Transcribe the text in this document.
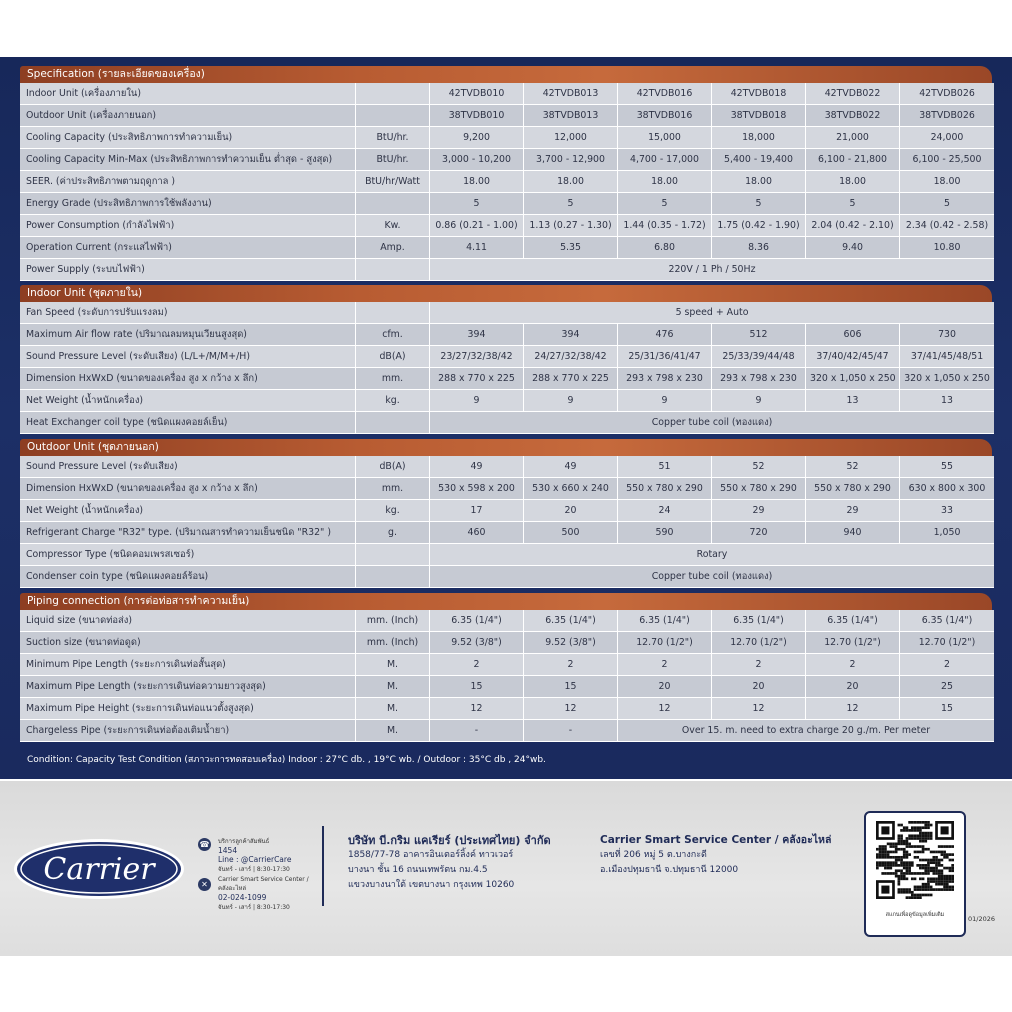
Specification (รายละเอียดของเครื่อง)
Indoor Unit (เครื่องภายใน)		42TVDB010	42TVDB013	42TVDB016	42TVDB018	42TVDB022	42TVDB026
Outdoor Unit (เครื่องภายนอก)		38TVDB010	38TVDB013	38TVDB016	38TVDB018	38TVDB022	38TVDB026
Cooling Capacity (ประสิทธิภาพการทำความเย็น)	BtU/hr.	9,200	12,000	15,000	18,000	21,000	24,000
Cooling Capacity Min-Max (ประสิทธิภาพการทำความเย็น ต่ำสุด - สูงสุด)	BtU/hr.	3,000 - 10,200	3,700 - 12,900	4,700 - 17,000	5,400 - 19,400	6,100 - 21,800	6,100 - 25,500
SEER. (ค่าประสิทธิภาพตามฤดูกาล )	BtU/hr/Watt	18.00	18.00	18.00	18.00	18.00	18.00
Energy Grade (ประสิทธิภาพการใช้พลังงาน)		5	5	5	5	5	5
Power Consumption (กำลังไฟฟ้า)	Kw.	0.86 (0.21 - 1.00)	1.13 (0.27 - 1.30)	1.44 (0.35 - 1.72)	1.75 (0.42 - 1.90)	2.04 (0.42 - 2.10)	2.34 (0.42 - 2.58)
Operation Current (กระแสไฟฟ้า)	Amp.	4.11	5.35	6.80	8.36	9.40	10.80
Power Supply (ระบบไฟฟ้า)		220V / 1 Ph / 50Hz					
Indoor Unit (ชุดภายใน)
Fan Speed (ระดับการปรับแรงลม)		5 speed + Auto					
Maximum Air flow rate (ปริมาณลมหมุนเวียนสูงสุด)	cfm.	394	394	476	512	606	730
Sound Pressure Level (ระดับเสียง) (L/L+/M/M+/H)	dB(A)	23/27/32/38/42	24/27/32/38/42	25/31/36/41/47	25/33/39/44/48	37/40/42/45/47	37/41/45/48/51
Dimension HxWxD (ขนาดของเครื่อง สูง x กว้าง x ลึก)	mm.	288 x 770 x 225	288 x 770 x 225	293 x 798 x 230	293 x 798 x 230	320 x 1,050 x 250	320 x 1,050 x 250
Net Weight (น้ำหนักเครื่อง)	kg.	9	9	9	9	13	13
Heat Exchanger coil type (ชนิดแผงคอยล์เย็น)		Copper tube coil (ทองแดง)					
Outdoor Unit (ชุดภายนอก)
Sound Pressure Level (ระดับเสียง)	dB(A)	49	49	51	52	52	55
Dimension HxWxD (ขนาดของเครื่อง สูง x กว้าง x ลึก)	mm.	530 x 598 x 200	530 x 660 x 240	550 x 780 x 290	550 x 780 x 290	550 x 780 x 290	630 x 800 x 300
Net Weight (น้ำหนักเครื่อง)	kg.	17	20	24	29	29	33
Refrigerant Charge "R32" type. (ปริมาณสารทำความเย็นชนิด "R32" )	g.	460	500	590	720	940	1,050
Compressor Type (ชนิดคอมเพรสเซอร์)		Rotary					
Condenser coin type (ชนิดแผงคอยล์ร้อน)		Copper tube coil (ทองแดง)					
Piping connection (การต่อท่อสารทำความเย็น)
Liquid size (ขนาดท่อส่ง)	mm. (Inch)	6.35 (1/4")	6.35 (1/4")	6.35 (1/4")	6.35 (1/4")	6.35 (1/4")	6.35 (1/4")
Suction size (ขนาดท่อดูด)	mm. (Inch)	9.52 (3/8")	9.52 (3/8")	12.70 (1/2")	12.70 (1/2")	12.70 (1/2")	12.70 (1/2")
Minimum Pipe Length (ระยะการเดินท่อสั้นสุด)	M.	2	2	2	2	2	2
Maximum Pipe Length (ระยะการเดินท่อความยาวสูงสุด)	M.	15	15	20	20	20	25
Maximum Pipe Height (ระยะการเดินท่อแนวตั้งสูงสุด)	M.	12	12	12	12	12	15
Chargeless Pipe (ระยะการเดินท่อต้องเติมน้ำยา)	M.	-	-	Over 15. m. need to extra charge 20 g./m. Per meter			
Condition: Capacity Test Condition (สภาวะการทดสอบเครื่อง) Indoor : 27°C db. , 19°C wb. / Outdoor : 35°C db , 24°wb.
Carrier
☎ บริการลูกค้าสัมพันธ์
1454
Line : @CarrierCare
จันทร์ - เสาร์ | 8:30-17:30
✕
Carrier Smart Service Center / คลังอะไหล่
02-024-1099
จันทร์ - เสาร์ | 8:30-17:30
บริษัท บี.กริม แคเรียร์ (ประเทศไทย) จำกัด
1858/77-78 อาคารอินเตอร์ลิ้งค์ ทาวเวอร์
บางนา ชั้น 16 ถนนเทพรัตน กม.4.5
แขวงบางนาใต้ เขตบางนา กรุงเทพ 10260
Carrier Smart Service Center / คลังอะไหล่
เลขที่ 206 หมู่ 5 ต.บางกะดี
อ.เมืองปทุมธานี จ.ปทุมธานี 12000
สแกนเพื่อดูข้อมูลเพิ่มเติม	01/2026
